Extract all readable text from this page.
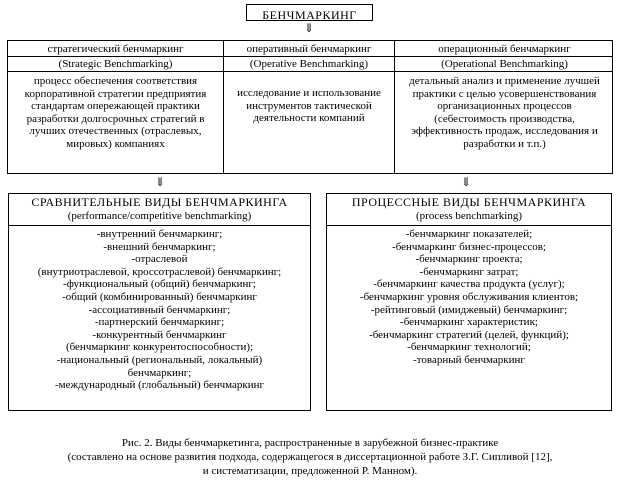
БЕНЧМАРКИНГ
⇓
стратегический бенчмаркинг
(Strategic Benchmarking)
процесс обеспечения соответствия корпоративной стратегии предприятия стандартам опережающей практики разработки долгосрочных стратегий в лучших отечественных (отраслевых, мировых) компаниях
оперативный бенчмаркинг
(Operative Benchmarking)
исследование и использование инструментов тактической деятельности компаний
операционный бенчмаркинг
(Operational Benchmarking)
детальный анализ и применение лучшей практики с целью усовершенствования организационных процессов (себестоимость производства, эффективность продаж, исследования и разработки и т.п.)
⇓	⇓
СРАВНИТЕЛЬНЫЕ ВИДЫ БЕНЧМАРКИНГА
(performance/competitive benchmarking)
-внутренний бенчмаркинг;
-внешний бенчмаркинг;
-отраслевой
(внутриотраслевой, кроссотраслевой) бенчмаркинг;
-функциональный (общий) бенчмаркинг;
-общий (комбинированный) бенчмаркинг
-ассоциативный бенчмаркинг;
-партнерский бенчмаркинг;
-конкурентный бенчмаркинг
(бенчмаркинг конкурентоспособности);
-национальный (региональный, локальный)
бенчмаркинг;
-международный (глобальный) бенчмаркинг
ПРОЦЕССНЫЕ ВИДЫ БЕНЧМАРКИНГА
(process benchmarking)
-бенчмаркинг показателей;
-бенчмаркинг бизнес-процессов;
-бенчмаркинг проекта;
-бенчмаркинг затрат;
-бенчмаркинг качества продукта (услуг);
-бенчмаркинг уровня обслуживания клиентов;
-рейтинговый (имиджевый) бенчмаркинг;
-бенчмаркинг характеристик;
-бенчмаркинг стратегий (целей, функций);
-бенчмаркинг технологий;
-товарный бенчмаркинг
Рис. 2. Виды бенчмаркетинга, распространенные в зарубежной бизнес-практике
(составлено на основе развития подхода, содержащегося в диссертационной работе З.Г. Сипливой [12],
и систематизации, предложенной Р. Манном).
